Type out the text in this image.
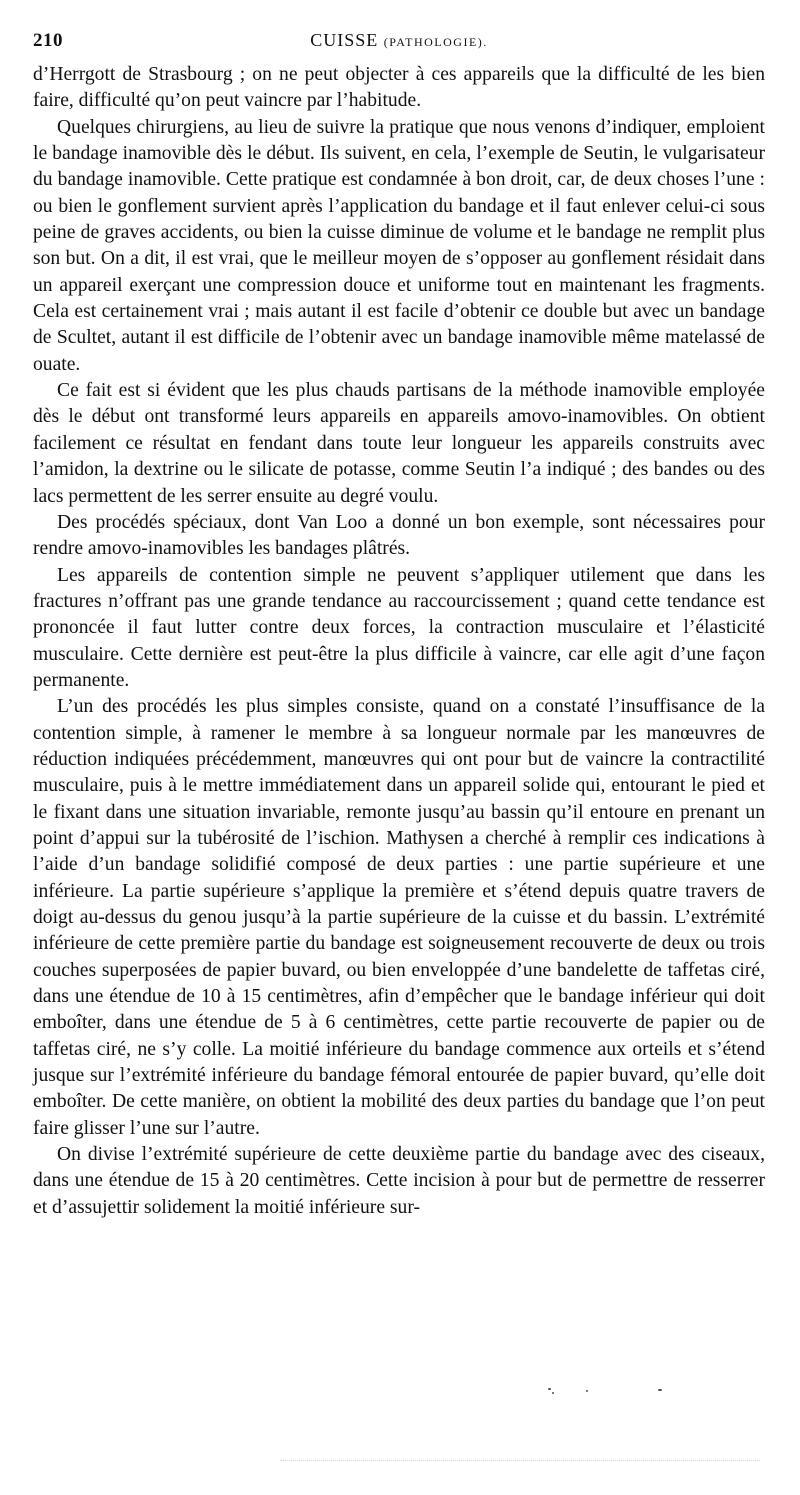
210	CUISSE (PATHOLOGIE).

d’Herrgott de Strasbourg ; on ne peut objecter à ces appareils que la difficulté de les bien faire, difficulté qu’on peut vaincre par l’habitude.

Quelques chirurgiens, au lieu de suivre la pratique que nous venons d’indiquer, emploient le bandage inamovible dès le début. Ils suivent, en cela, l’exemple de Seutin, le vulgarisateur du bandage inamovible. Cette pratique est condamnée à bon droit, car, de deux choses l’une : ou bien le gonflement survient après l’application du bandage et il faut enlever celui-ci sous peine de graves accidents, ou bien la cuisse diminue de volume et le bandage ne remplit plus son but. On a dit, il est vrai, que le meilleur moyen de s’opposer au gonflement résidait dans un appareil exerçant une compression douce et uniforme tout en maintenant les fragments. Cela est certainement vrai ; mais autant il est facile d’obtenir ce double but avec un bandage de Scultet, autant il est difficile de l’obtenir avec un bandage inamovible même matelassé de ouate.

Ce fait est si évident que les plus chauds partisans de la méthode inamovible employée dès le début ont transformé leurs appareils en appareils amovo-inamovibles. On obtient facilement ce résultat en fendant dans toute leur longueur les appareils construits avec l’amidon, la dextrine ou le silicate de potasse, comme Seutin l’a indiqué ; des bandes ou des lacs permettent de les serrer ensuite au degré voulu.

Des procédés spéciaux, dont Van Loo a donné un bon exemple, sont nécessaires pour rendre amovo-inamovibles les bandages plâtrés.

Les appareils de contention simple ne peuvent s’appliquer utilement que dans les fractures n’offrant pas une grande tendance au raccourcissement ; quand cette tendance est prononcée il faut lutter contre deux forces, la contraction musculaire et l’élasticité musculaire. Cette dernière est peut-être la plus difficile à vaincre, car elle agit d’une façon permanente.

L’un des procédés les plus simples consiste, quand on a constaté l’insuffisance de la contention simple, à ramener le membre à sa longueur normale par les manœuvres de réduction indiquées précédemment, manœuvres qui ont pour but de vaincre la contractilité musculaire, puis à le mettre immédiatement dans un appareil solide qui, entourant le pied et le fixant dans une situation invariable, remonte jusqu’au bassin qu’il entoure en prenant un point d’appui sur la tubérosité de l’ischion. Mathysen a cherché à remplir ces indications à l’aide d’un bandage solidifié composé de deux parties : une partie supérieure et une inférieure. La partie supérieure s’applique la première et s’étend depuis quatre travers de doigt au-dessus du genou jusqu’à la partie supérieure de la cuisse et du bassin. L’extrémité inférieure de cette première partie du bandage est soigneusement recouverte de deux ou trois couches superposées de papier buvard, ou bien enveloppée d’une bandelette de taffetas ciré, dans une étendue de 10 à 15 centimètres, afin d’empêcher que le bandage inférieur qui doit emboîter, dans une étendue de 5 à 6 centimètres, cette partie recouverte de papier ou de taffetas ciré, ne s’y colle. La moitié inférieure du bandage commence aux orteils et s’étend jusque sur l’extrémité inférieure du bandage fémoral entourée de papier buvard, qu’elle doit emboîter. De cette manière, on obtient la mobilité des deux parties du bandage que l’on peut faire glisser l’une sur l’autre.

On divise l’extrémité supérieure de cette deuxième partie du bandage avec des ciseaux, dans une étendue de 15 à 20 centimètres. Cette incision à pour but de permettre de resserrer et d’assujettir solidement la moitié inférieure sur-
